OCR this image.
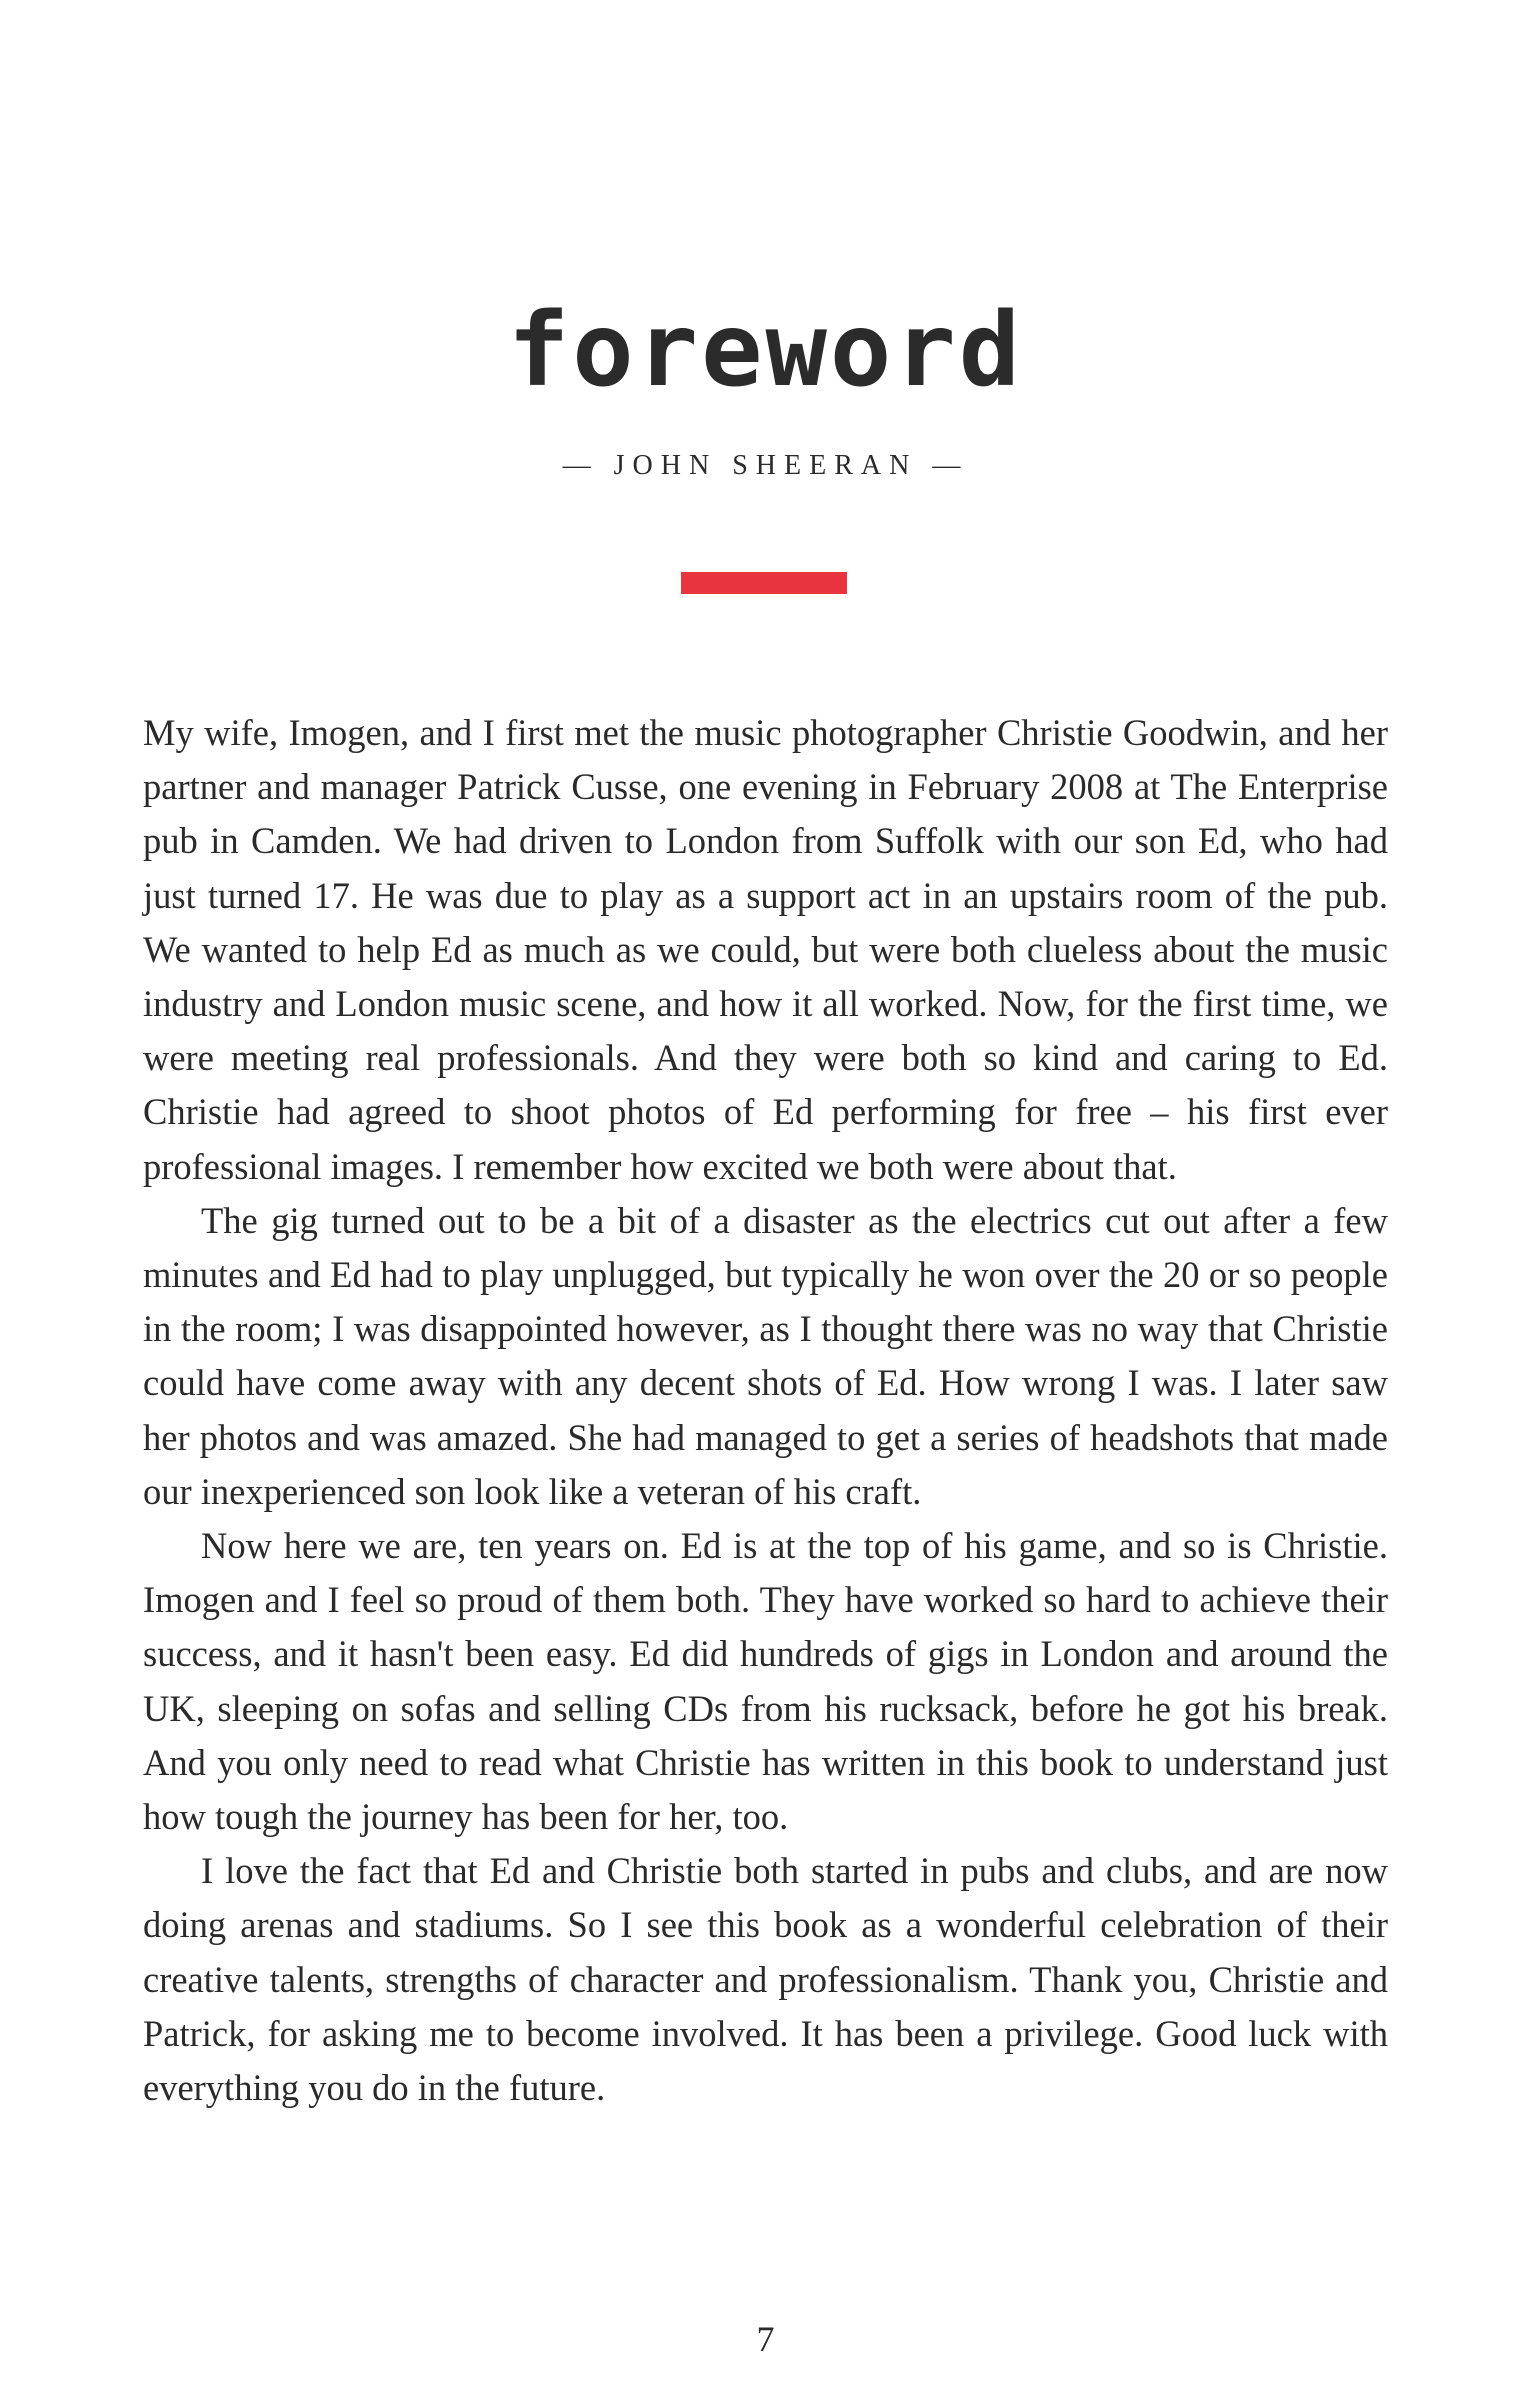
foreword
— JOHN SHEERAN —

My wife, Imogen, and I first met the music photographer Christie Goodwin, and her partner and manager Patrick Cusse, one evening in February 2008 at The Enterprise pub in Camden. We had driven to London from Suffolk with our son Ed, who had just turned 17. He was due to play as a support act in an upstairs room of the pub. We wanted to help Ed as much as we could, but were both clueless about the music industry and London music scene, and how it all worked. Now, for the first time, we were meeting real professionals. And they were both so kind and caring to Ed. Christie had agreed to shoot photos of Ed performing for free – his first ever professional images. I remember how excited we both were about that.

The gig turned out to be a bit of a disaster as the electrics cut out after a few minutes and Ed had to play unplugged, but typically he won over the 20 or so people in the room; I was disappointed however, as I thought there was no way that Christie could have come away with any decent shots of Ed. How wrong I was. I later saw her photos and was amazed. She had managed to get a series of headshots that made our inexperienced son look like a veteran of his craft.

Now here we are, ten years on. Ed is at the top of his game, and so is Christie. Imogen and I feel so proud of them both. They have worked so hard to achieve their success, and it hasn't been easy. Ed did hundreds of gigs in London and around the UK, sleeping on sofas and selling CDs from his rucksack, before he got his break. And you only need to read what Christie has written in this book to understand just how tough the journey has been for her, too.

I love the fact that Ed and Christie both started in pubs and clubs, and are now doing arenas and stadiums. So I see this book as a wonderful celebration of their creative talents, strengths of character and professionalism. Thank you, Christie and Patrick, for asking me to become involved. It has been a privilege. Good luck with everything you do in the future.

7
